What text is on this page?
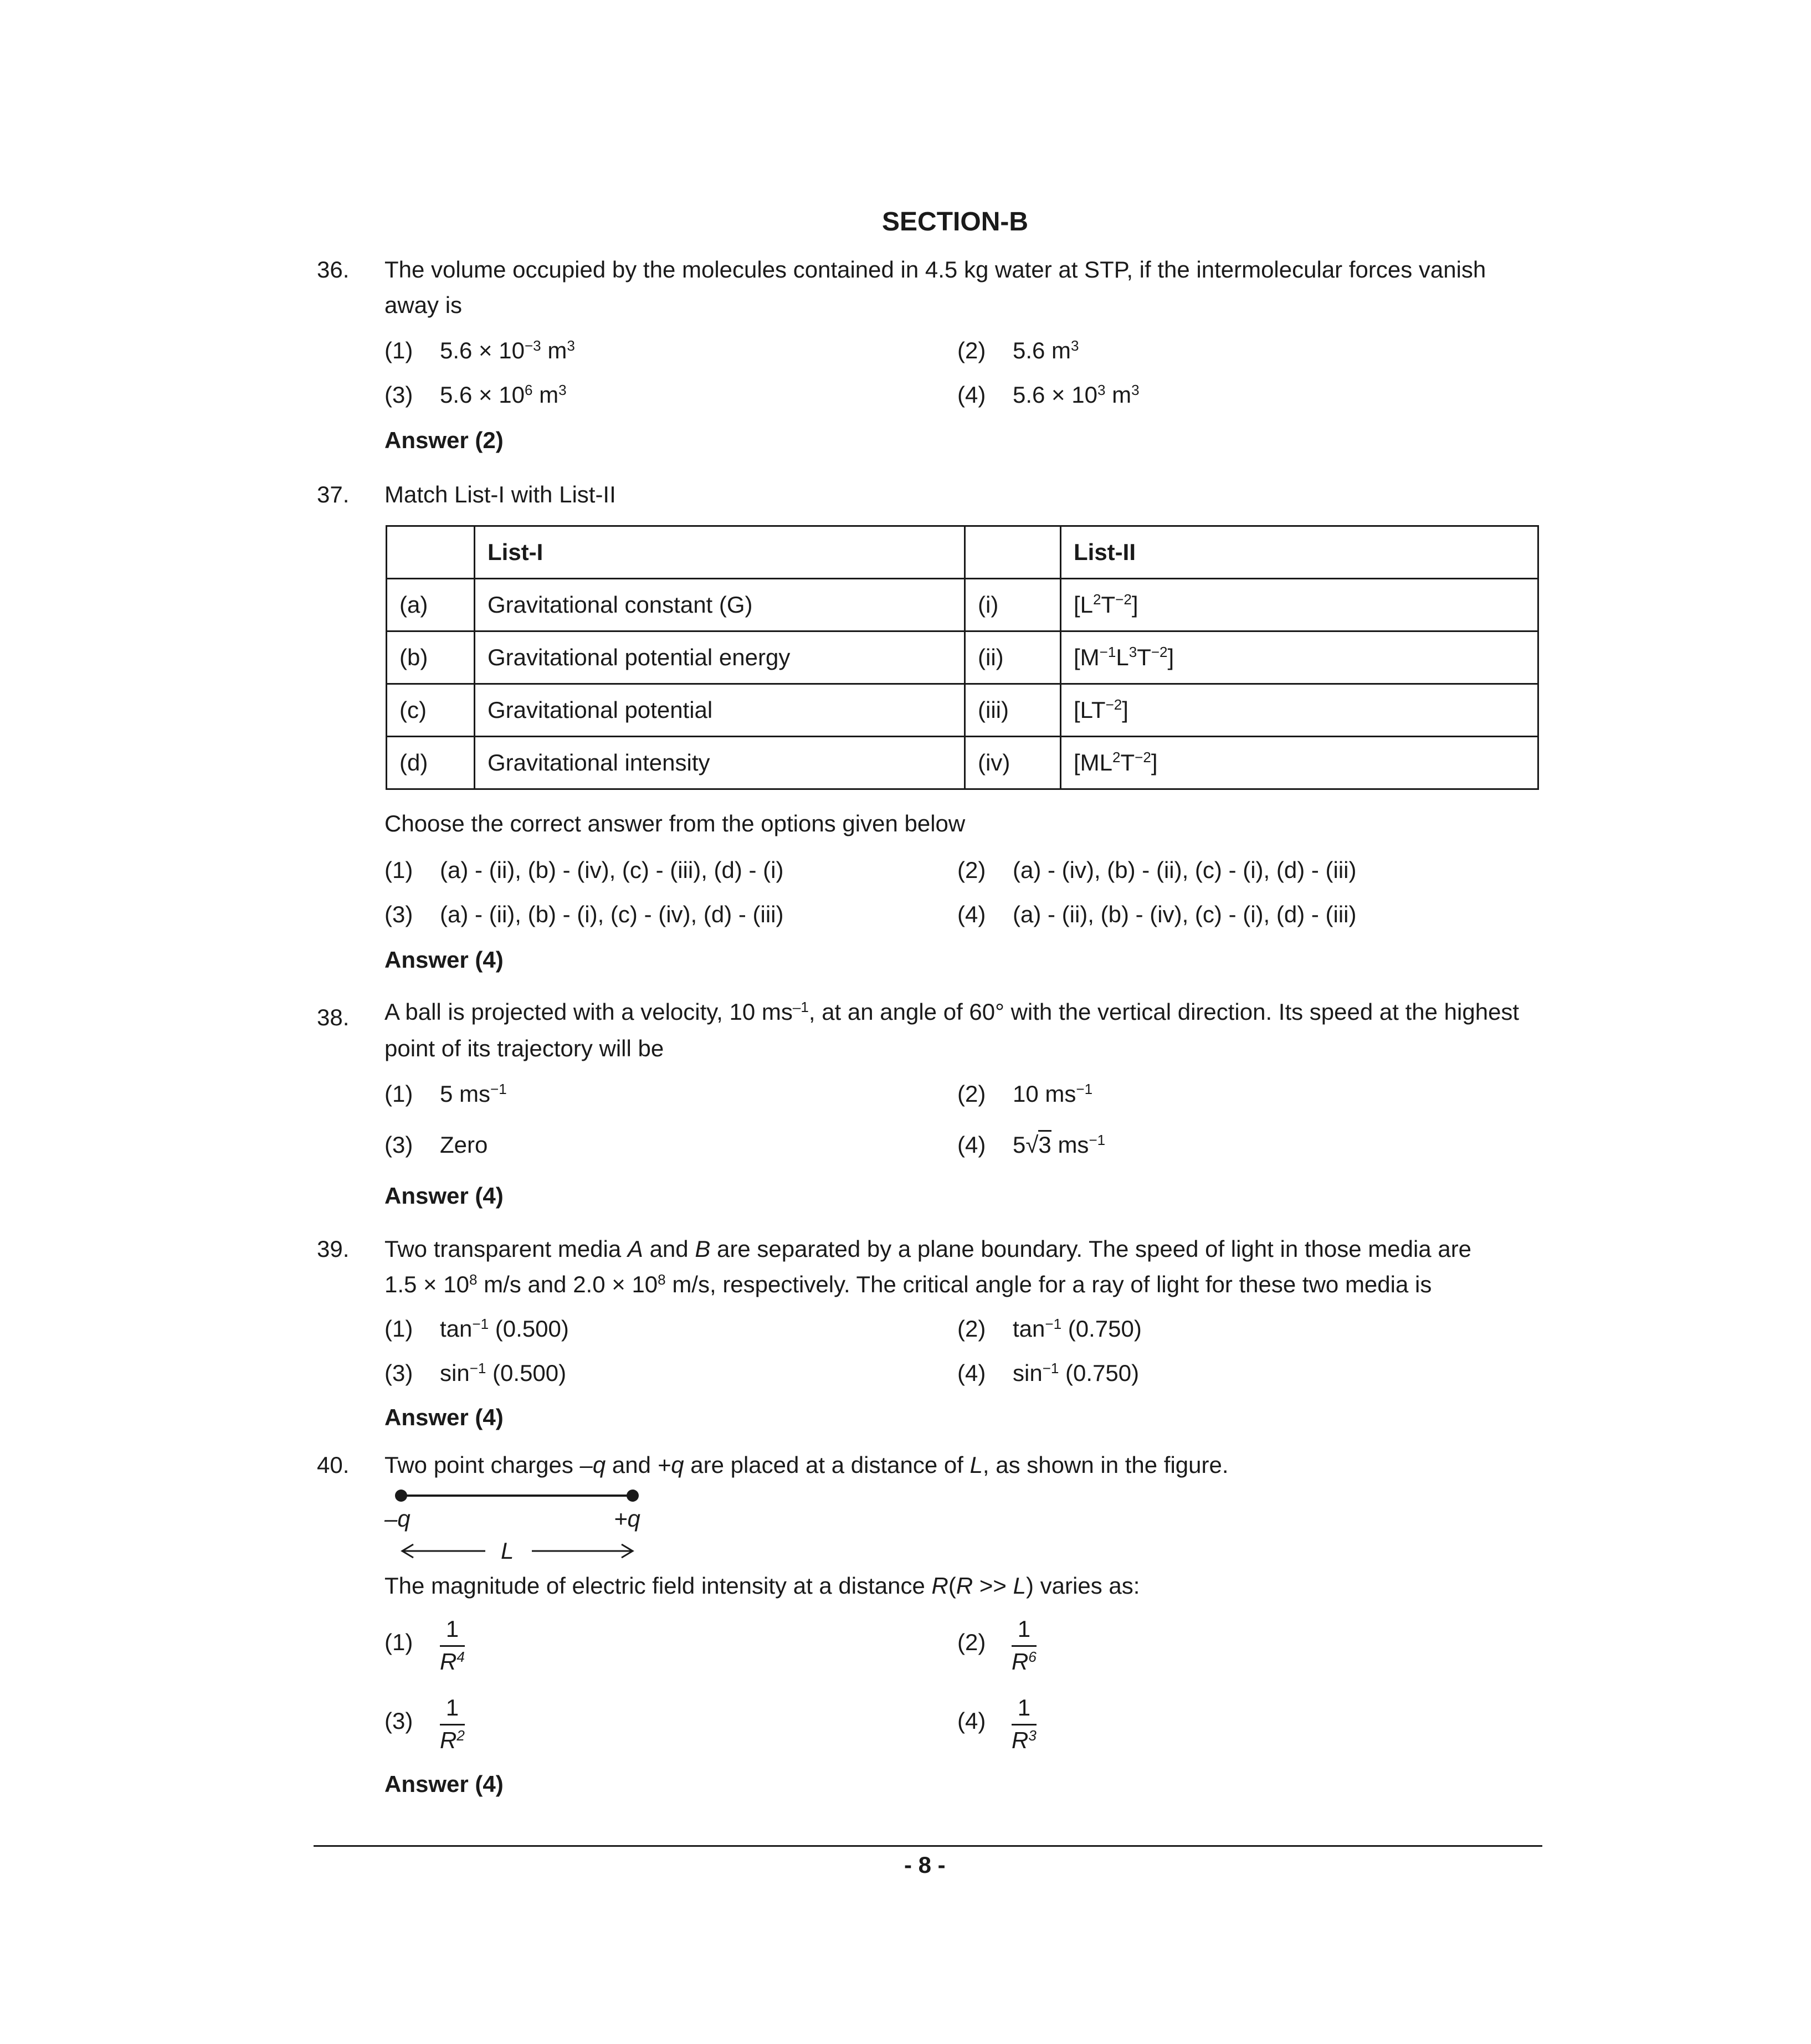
SECTION-B
36. The volume occupied by the molecules contained in 4.5 kg water at STP, if the intermolecular forces vanish
away is
(1) $5.6 \times 10^{-3}$ $m^3$	(2) 5.6 $m^3$
(3) $5.6 \times 10^6$ $m^3$	(4) $5.6 \times 10^3$ $m^3$
Answer (2)
37. Match List-I with List-II
	List-I		List-II
(a)	Gravitational constant (G)	(i)	$[L^2T^{-2}]$
(b)	Gravitational potential energy	(ii)	$[M^{-1}L^3T^{-2}]$
(c)	Gravitational potential	(iii)	$[LT^{-2}]$
(d)	Gravitational intensity	(iv)	$[ML^2T^{-2}]$
Choose the correct answer from the options given below
(1) (a) - (ii), (b) - (iv), (c) - (iii), (d) - (i)	(2) (a) - (iv), (b) - (ii), (c) - (i), (d) - (iii)
(3) (a) - (ii), (b) - (i), (c) - (iv), (d) - (iii)	(4) (a) - (ii), (b) - (iv), (c) - (i), (d) - (iii)
Answer (4)
38. A ball is projected with a velocity, 10 $ms^{-1}$, at an angle of 60° with the vertical direction. Its speed at the highest
point of its trajectory will be
(1) 5 $ms^{-1}$	(2) 10 $ms^{-1}$
(3) Zero	(4) 5√3 $ms^{-1}$
Answer (4)
39. Two transparent media A and B are separated by a plane boundary. The speed of light in those media are
$1.5 \times 10^8$ m/s and $2.0 \times 10^8$ m/s, respectively. The critical angle for a ray of light for these two media is
(1) $\tan^{-1} (0.500)$	(2) $\tan^{-1} (0.750)$
(3) $\sin^{-1} (0.500)$	(4) $\sin^{-1} (0.750)$
Answer (4)
40. Two point charges –q and +q are placed at a distance of L, as shown in the figure.
–q	+q
L
The magnitude of electric field intensity at a distance R(R >> L) varies as:
$(1) \frac{1}{R^4}$	$(2) \frac{1}{R^6}$
$(3) \frac{1}{R^2}$	$(4) \frac{1}{R^3}$
Answer (4)
- 8 -
